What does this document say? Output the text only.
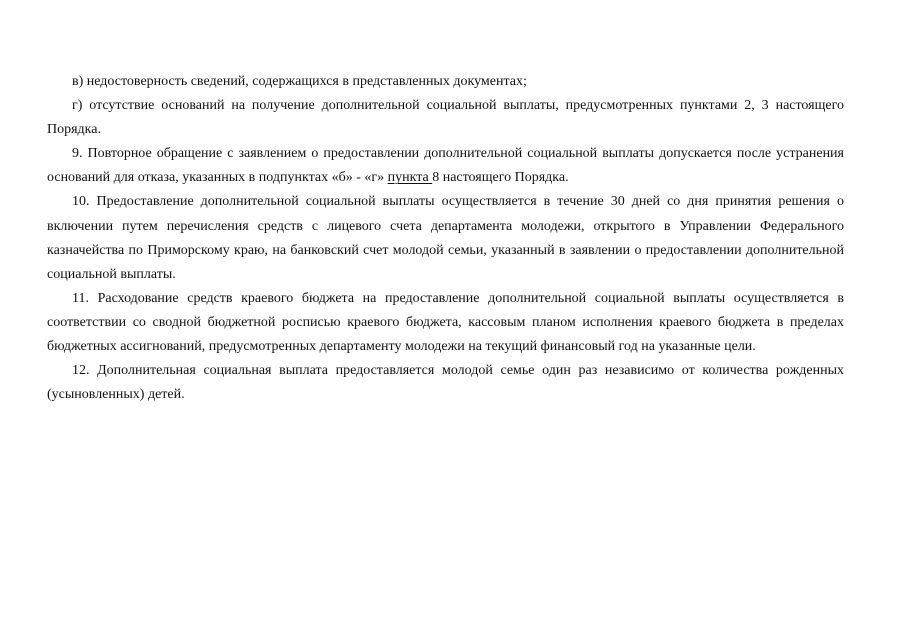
в) недостоверность сведений, содержащихся в представленных документах;

г) отсутствие оснований на получение дополнительной социальной выплаты, предусмотренных пунктами 2, 3 настоящего Порядка.

9. Повторное обращение с заявлением о предоставлении дополнительной социальной выплаты допускается после устранения оснований для отказа, указанных в подпунктах «б» - «г» пункта 8 настоящего Порядка.

10. Предоставление дополнительной социальной выплаты осуществляется в течение 30 дней со дня принятия решения о включении путем перечисления средств с лицевого счета департамента молодежи, открытого в Управлении Федерального казначейства по Приморскому краю, на банковский счет молодой семьи, указанный в заявлении о предоставлении дополнительной социальной выплаты.

11. Расходование средств краевого бюджета на предоставление дополнительной социальной выплаты осуществляется в соответствии со сводной бюджетной росписью краевого бюджета, кассовым планом исполнения краевого бюджета в пределах бюджетных ассигнований, предусмотренных департаменту молодежи на текущий финансовый год на указанные цели.

12. Дополнительная социальная выплата предоставляется молодой семье один раз независимо от количества рожденных (усыновленных) детей.
